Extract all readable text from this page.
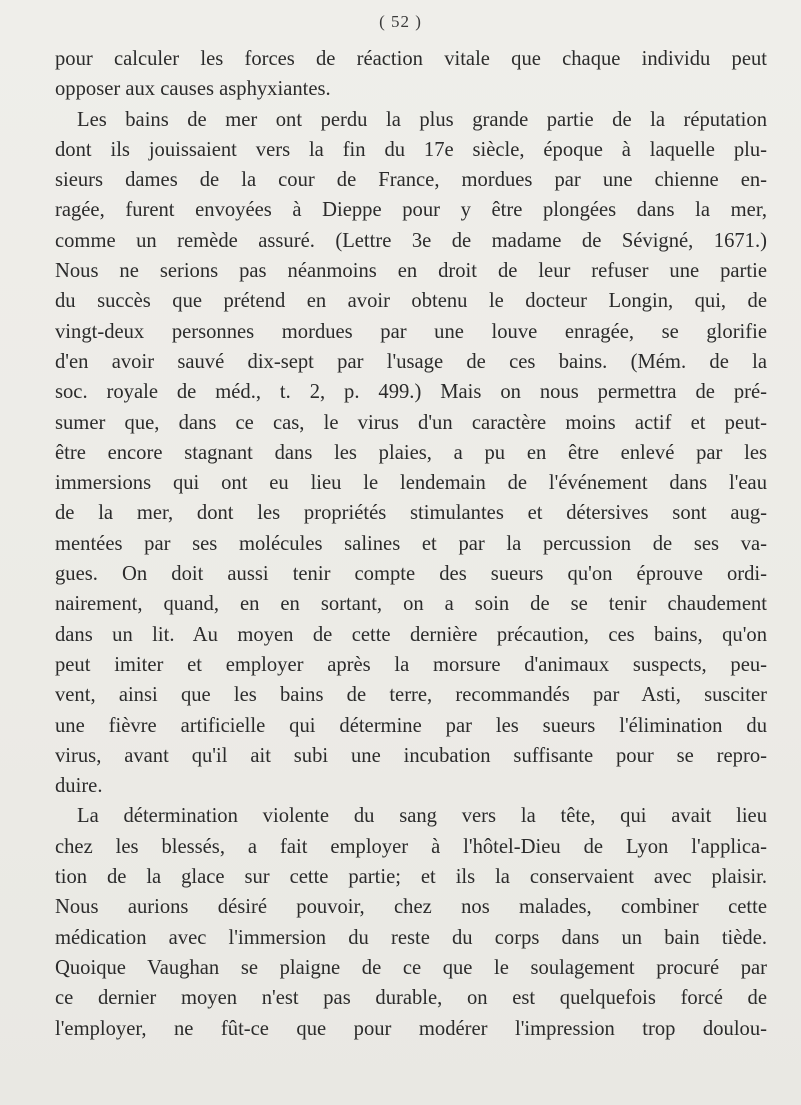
( 52 )
pour calculer les forces de réaction vitale que chaque individu peut
opposer aux causes asphyxiantes.
Les bains de mer ont perdu la plus grande partie de la réputation
dont ils jouissaient vers la fin du 17e siècle, époque à laquelle plu-
sieurs dames de la cour de France, mordues par une chienne en-
ragée, furent envoyées à Dieppe pour y être plongées dans la mer,
comme un remède assuré. (Lettre 3e de madame de Sévigné, 1671.)
Nous ne serions pas néanmoins en droit de leur refuser une partie
du succès que prétend en avoir obtenu le docteur Longin, qui, de
vingt-deux personnes mordues par une louve enragée, se glorifie
d'en avoir sauvé dix-sept par l'usage de ces bains. (Mém. de la
soc. royale de méd., t. 2, p. 499.) Mais on nous permettra de pré-
sumer que, dans ce cas, le virus d'un caractère moins actif et peut-
être encore stagnant dans les plaies, a pu en être enlevé par les
immersions qui ont eu lieu le lendemain de l'événement dans l'eau
de la mer, dont les propriétés stimulantes et détersives sont aug-
mentées par ses molécules salines et par la percussion de ses va-
gues. On doit aussi tenir compte des sueurs qu'on éprouve ordi-
nairement, quand, en en sortant, on a soin de se tenir chaudement
dans un lit. Au moyen de cette dernière précaution, ces bains, qu'on
peut imiter et employer après la morsure d'animaux suspects, peu-
vent, ainsi que les bains de terre, recommandés par Asti, susciter
une fièvre artificielle qui détermine par les sueurs l'élimination du
virus, avant qu'il ait subi une incubation suffisante pour se repro-
duire.
La détermination violente du sang vers la tête, qui avait lieu
chez les blessés, a fait employer à l'hôtel-Dieu de Lyon l'applica-
tion de la glace sur cette partie; et ils la conservaient avec plaisir.
Nous aurions désiré pouvoir, chez nos malades, combiner cette
médication avec l'immersion du reste du corps dans un bain tiède.
Quoique Vaughan se plaigne de ce que le soulagement procuré par
ce dernier moyen n'est pas durable, on est quelquefois forcé de
l'employer, ne fût-ce que pour modérer l'impression trop doulou-
